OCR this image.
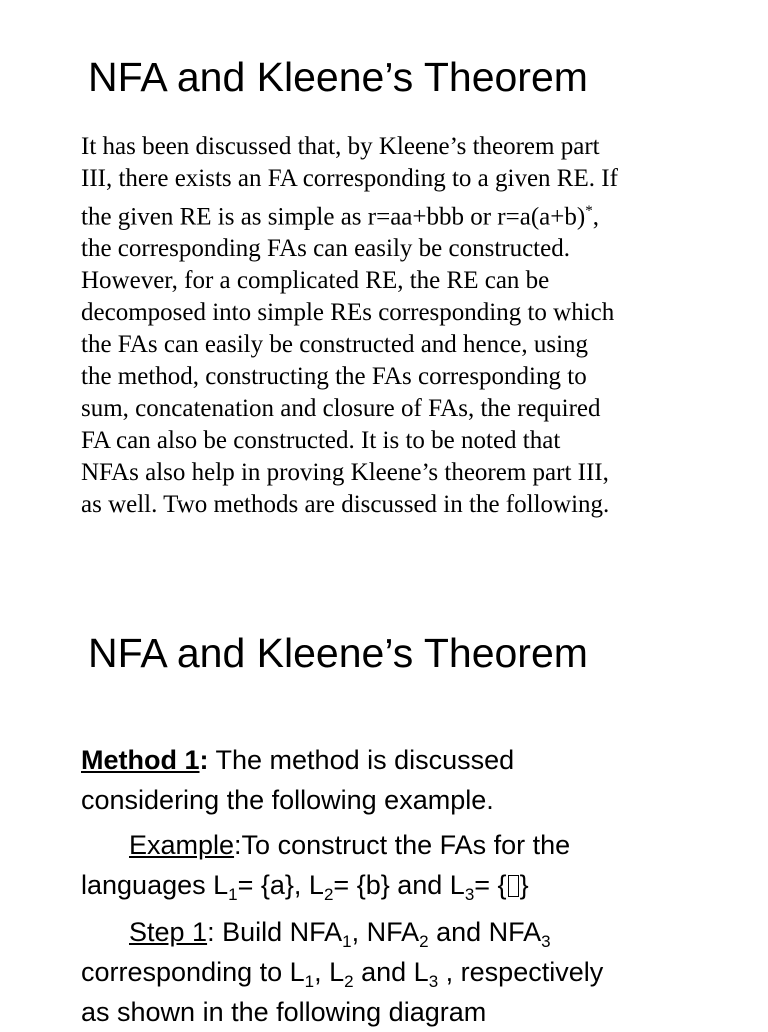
NFA and Kleene’s Theorem
It has been discussed that, by Kleene’s theorem part
III, there exists an FA corresponding to a given RE. If
the given RE is as simple as r=aa+bbb or r=a(a+b)*,
the corresponding FAs can easily be constructed.
However, for a complicated RE, the RE can be
decomposed into simple REs corresponding to which
the FAs can easily be constructed and hence, using
the method, constructing the FAs corresponding to
sum, concatenation and closure of FAs, the required
FA can also be constructed. It is to be noted that
NFAs also help in proving Kleene’s theorem part III,
as well. Two methods are discussed in the following.
NFA and Kleene’s Theorem
Method 1: The method is discussed
considering the following example.
Example:To construct the FAs for the
languages $L_1= \{a\}$, $L_2= \{b\}$ and $L_3=$ { }
Step 1: Build $NFA_1$, $NFA_2$ and $NFA_3$
corresponding to $L_1$, $L_2$ and $L_3$ , respectively
as shown in the following diagram
